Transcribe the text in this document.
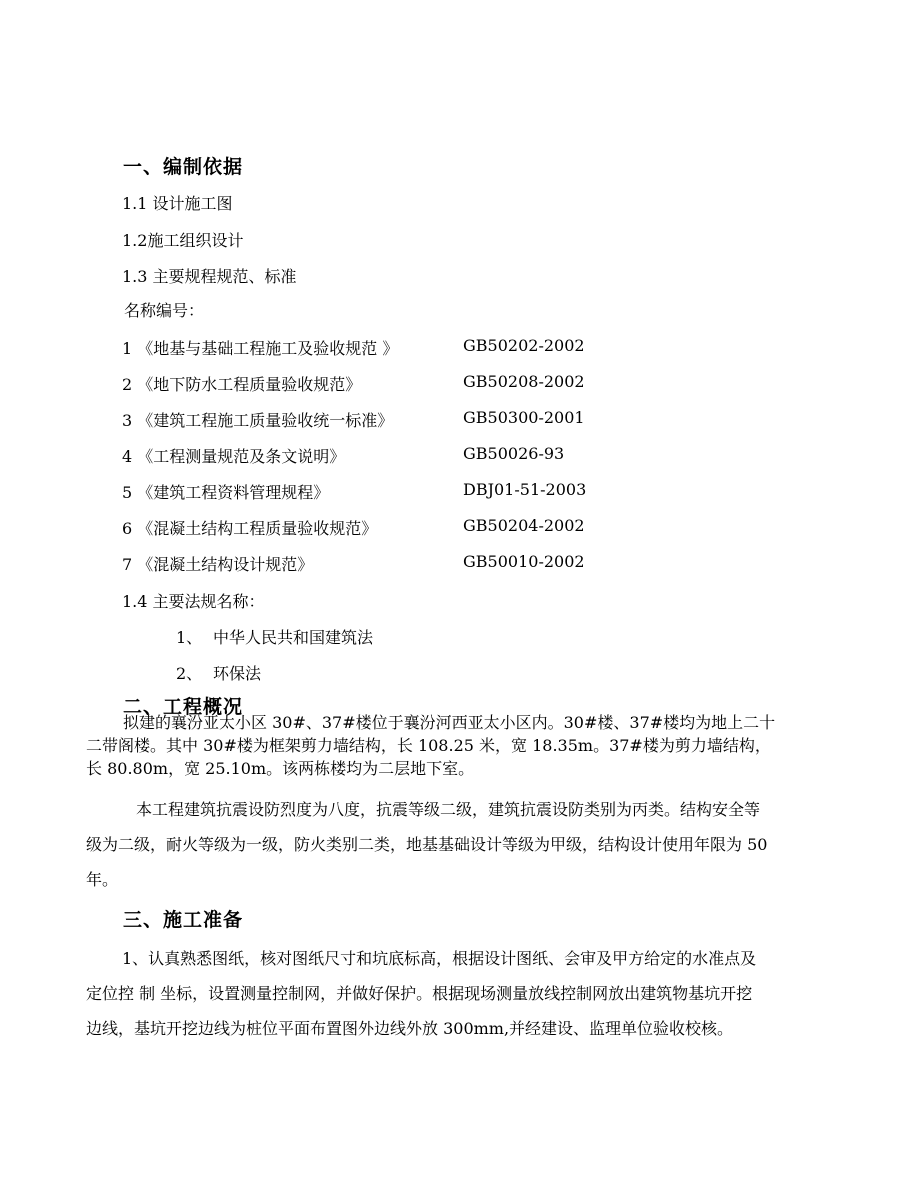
一、编制依据
1.1 设计施工图
1.2施工组织设计
1.3 主要规程规范、标准
名称编号：
1 《地基与基础工程施工及验收规范 》	GB50202-2002
2 《地下防水工程质量验收规范》	GB50208-2002
3 《建筑工程施工质量验收统一标准》	GB50300-2001
4 《工程测量规范及条文说明》	GB50026-93
5 《建筑工程资料管理规程》	DBJ01-51-2003
6 《混凝土结构工程质量验收规范》	GB50204-2002
7 《混凝土结构设计规范》	GB50010-2002
1.4 主要法规名称：
1、 中华人民共和国建筑法
2、 环保法
二、工程概况
拟建的襄汾亚太小区 30#、37#楼位于襄汾河西亚太小区内。30#楼、37#楼均为地上二十
二带阁楼。其中 30#楼为框架剪力墙结构，长 108.25 米，宽 18.35m。37#楼为剪力墙结构，
长 80.80m，宽 25.10m。该两栋楼均为二层地下室。
本工程建筑抗震设防烈度为八度，抗震等级二级，建筑抗震设防类别为丙类。结构安全等
级为二级，耐火等级为一级，防火类别二类，地基基础设计等级为甲级，结构设计使用年限为 50
年。
三、施工准备
1、认真熟悉图纸，核对图纸尺寸和坑底标高，根据设计图纸、会审及甲方给定的水准点及
定位控 制 坐标，设置测量控制网，并做好保护。根据现场测量放线控制网放出建筑物基坑开挖
边线，基坑开挖边线为桩位平面布置图外边线外放 300mm,并经建设、监理单位验收校核。
